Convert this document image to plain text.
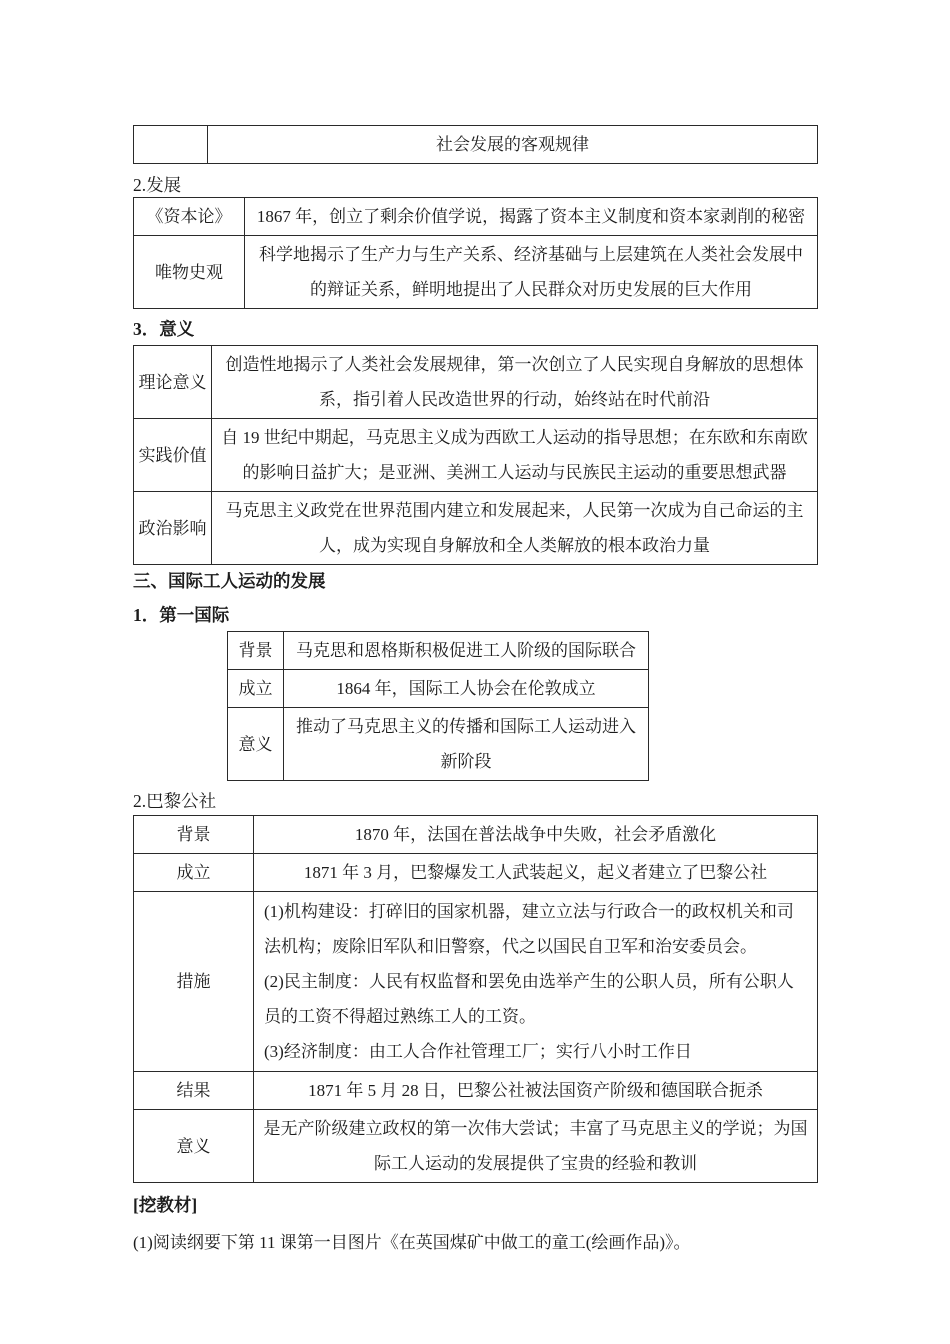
	社会发展的客观规律
2.发展
《资本论》	1867 年，创立了剩余价值学说，揭露了资本主义制度和资本家剥削的秘密
唯物史观	科学地揭示了生产力与生产关系、经济基础与上层建筑在人类社会发展中的辩证关系，鲜明地提出了人民群众对历史发展的巨大作用
3．意义
理论意义	创造性地揭示了人类社会发展规律，第一次创立了人民实现自身解放的思想体系，指引着人民改造世界的行动，始终站在时代前沿
实践价值	自 19 世纪中期起，马克思主义成为西欧工人运动的指导思想；在东欧和东南欧的影响日益扩大；是亚洲、美洲工人运动与民族民主运动的重要思想武器
政治影响	马克思主义政党在世界范围内建立和发展起来，人民第一次成为自己命运的主人，成为实现自身解放和全人类解放的根本政治力量
三、国际工人运动的发展
1．第一国际
背景	马克思和恩格斯积极促进工人阶级的国际联合
成立	1864 年，国际工人协会在伦敦成立
意义	推动了马克思主义的传播和国际工人运动进入新阶段
2.巴黎公社
背景	1870 年，法国在普法战争中失败，社会矛盾激化
成立	1871 年 3 月，巴黎爆发工人武装起义，起义者建立了巴黎公社
措施	(1)机构建设：打碎旧的国家机器，建立立法与行政合一的政权机关和司法机构；废除旧军队和旧警察，代之以国民自卫军和治安委员会。
(2)民主制度：人民有权监督和罢免由选举产生的公职人员，所有公职人员的工资不得超过熟练工人的工资。
(3)经济制度：由工人合作社管理工厂；实行八小时工作日

结果	1871 年 5 月 28 日，巴黎公社被法国资产阶级和德国联合扼杀
意义	是无产阶级建立政权的第一次伟大尝试；丰富了马克思主义的学说；为国际工人运动的发展提供了宝贵的经验和教训
[挖教材]
(1)阅读纲要下第 11 课第一目图片《在英国煤矿中做工的童工(绘画作品)》。
